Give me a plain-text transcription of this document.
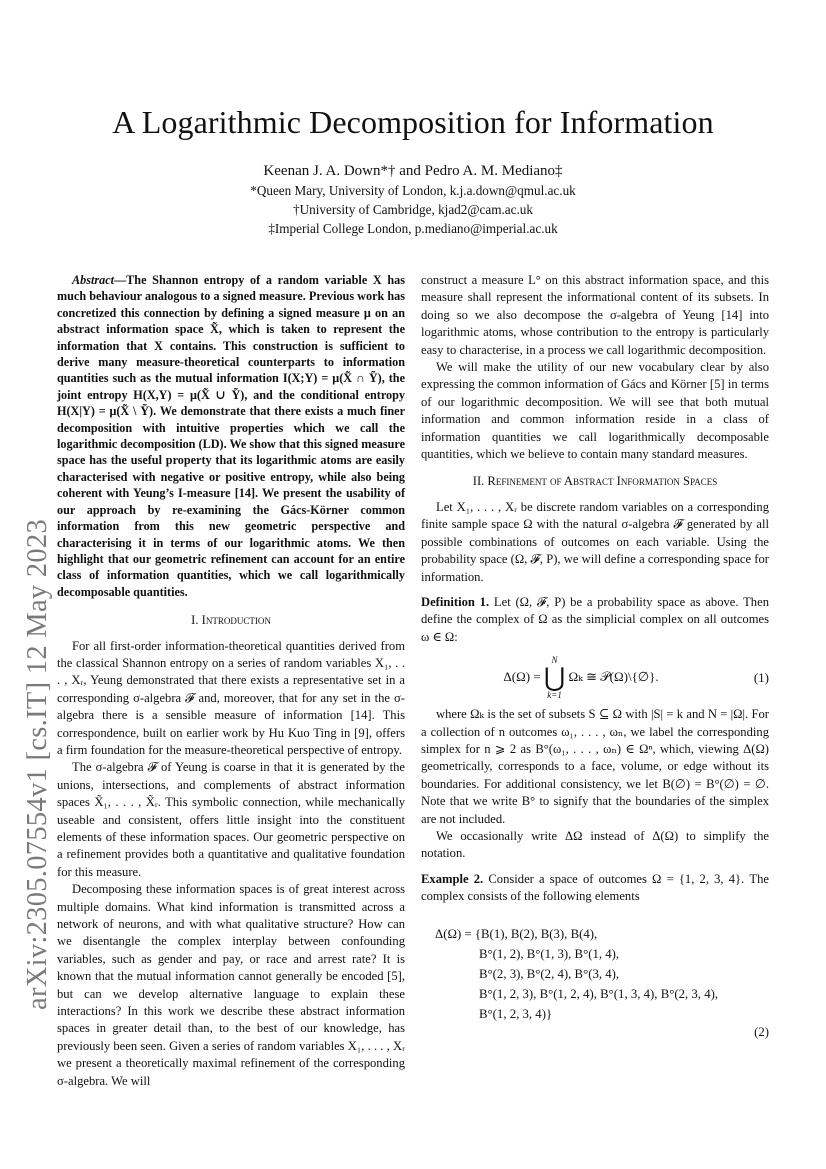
arXiv:2305.07554v1 [cs.IT] 12 May 2023
A Logarithmic Decomposition for Information
Keenan J. A. Down*† and Pedro A. M. Mediano‡
*Queen Mary, University of London, k.j.a.down@qmul.ac.uk
†University of Cambridge, kjad2@cam.ac.uk
‡Imperial College London, p.mediano@imperial.ac.uk

Abstract—The Shannon entropy of a random variable X has much behaviour analogous to a signed measure. Previous work has concretized this connection by defining a signed measure μ on an abstract information space X̃, which is taken to represent the information that X contains. This construction is sufficient to derive many measure-theoretical counterparts to information quantities such as the mutual information I(X;Y) = μ(X̃ ∩ Ỹ), the joint entropy H(X,Y) = μ(X̃ ∪ Ỹ), and the conditional entropy H(X|Y) = μ(X̃ \ Ỹ). We demonstrate that there exists a much finer decomposition with intuitive properties which we call the logarithmic decomposition (LD). We show that this signed measure space has the useful property that its logarithmic atoms are easily characterised with negative or positive entropy, while also being coherent with Yeung’s I-measure [14]. We present the usability of our approach by re-examining the Gács-Körner common information from this new geometric perspective and characterising it in terms of our logarithmic atoms. We then highlight that our geometric refinement can account for an entire class of information quantities, which we call logarithmically decomposable quantities.

I. Introduction

For all first-order information-theoretical quantities derived from the classical Shannon entropy on a series of random variables X₁, . . . , Xᵣ, Yeung demonstrated that there exists a representative set in a corresponding σ-algebra 𝓕 and, moreover, that for any set in the σ-algebra there is a sensible measure of information [14]. This correspondence, built on earlier work by Hu Kuo Ting in [9], offers a firm foundation for the measure-theoretical perspective of entropy.

The σ-algebra 𝓕 of Yeung is coarse in that it is generated by the unions, intersections, and complements of abstract information spaces X̃₁, . . . , X̃ᵣ. This symbolic connection, while mechanically useable and consistent, offers little insight into the constituent elements of these information spaces. Our geometric perspective on a refinement provides both a quantitative and qualitative foundation for this measure.

Decomposing these information spaces is of great interest across multiple domains. What kind information is transmitted across a network of neurons, and with what qualitative structure? How can we disentangle the complex interplay between confounding variables, such as gender and pay, or race and arrest rate? It is known that the mutual information cannot generally be encoded [5], but can we develop alternative language to explain these interactions? In this work we describe these abstract information spaces in greater detail than, to the best of our knowledge, has previously been seen. Given a series of random variables X₁, . . . , Xᵣ we present a theoretically maximal refinement of the corresponding σ-algebra. We will

construct a measure L° on this abstract information space, and this measure shall represent the informational content of its subsets. In doing so we also decompose the σ-algebra of Yeung [14] into logarithmic atoms, whose contribution to the entropy is particularly easy to characterise, in a process we call logarithmic decomposition.

We will make the utility of our new vocabulary clear by also expressing the common information of Gács and Körner [5] in terms of our logarithmic decomposition. We will see that both mutual information and common information reside in a class of information quantities we call logarithmically decomposable quantities, which we believe to contain many standard measures.

II. Refinement of Abstract Information Spaces

Let X₁, . . . , Xᵣ be discrete random variables on a corresponding finite sample space Ω with the natural σ-algebra 𝓕 generated by all possible combinations of outcomes on each variable. Using the probability space (Ω, 𝓕, P), we will define a corresponding space for information.

Definition 1. Let (Ω, 𝓕, P) be a probability space as above. Then define the complex of Ω as the simplicial complex on all outcomes ω ∈ Ω:

Δ(Ω) =
N
⋃
k=1
Ωₖ ≅ 𝒫(Ω)\{∅}.	(1)

where Ωₖ is the set of subsets S ⊆ Ω with |S| = k and N = |Ω|. For a collection of n outcomes ω₁, . . . , ωₙ, we label the corresponding simplex for n ⩾ 2 as B°(ω₁, . . . , ωₙ) ∈ Ωⁿ, which, viewing Δ(Ω) geometrically, corresponds to a face, volume, or edge without its boundaries. For additional consistency, we let B(∅) = B°(∅) = ∅. Note that we write B° to signify that the boundaries of the simplex are not included.

We occasionally write ΔΩ instead of Δ(Ω) to simplify the notation.

Example 2. Consider a space of outcomes Ω = {1, 2, 3, 4}. The complex consists of the following elements

Δ(Ω) = {B(1), B(2), B(3), B(4),
B°(1, 2), B°(1, 3), B°(1, 4),
B°(2, 3), B°(2, 4), B°(3, 4),
B°(1, 2, 3), B°(1, 2, 4), B°(1, 3, 4), B°(2, 3, 4),
B°(1, 2, 3, 4)}
(2)
